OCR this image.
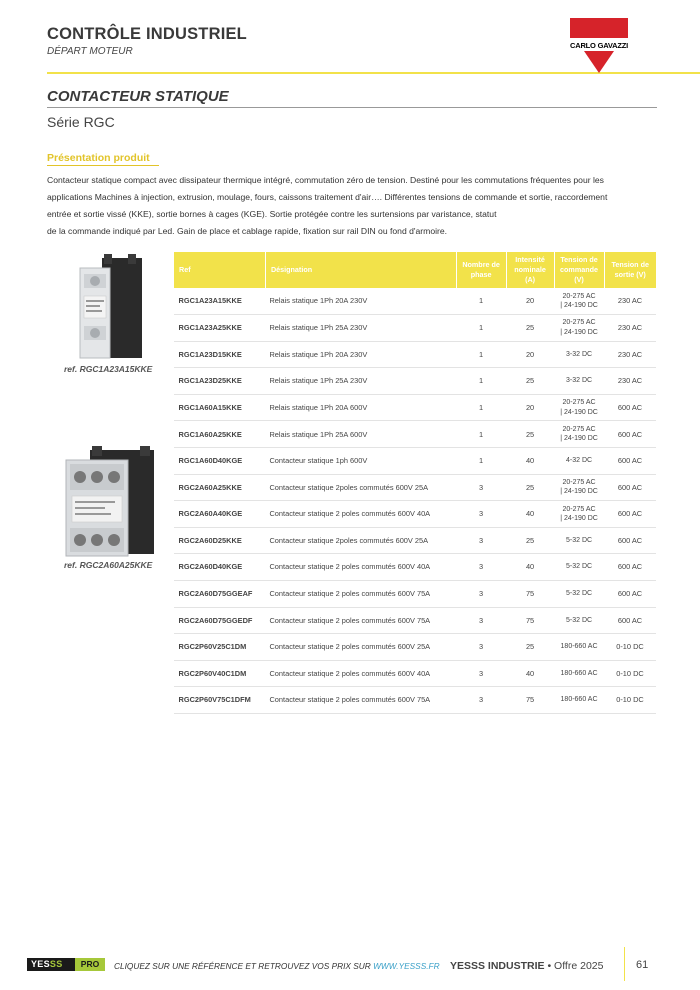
CONTRÔLE INDUSTRIEL
DÉPART MOTEUR
CARLO GAVAZZI
CONTACTEUR STATIQUE
Série RGC
Présentation produit

Contacteur statique compact avec dissipateur thermique intégré, commutation zéro de tension. Destiné pour les commutations fréquentes pour les

applications Machines à injection, extrusion, moulage, fours, caissons traitement d'air…. Différentes tensions de commande et sortie, raccordement

entrée et sortie vissé (KKE), sortie bornes à cages (KGE). Sortie protégée contre les surtensions par varistance, statut

de la commande indiqué par Led. Gain de place et cablage rapide, fixation sur rail DIN ou fond d'armoire.

ref. RGC1A23A15KKE
ref. RGC2A60A25KKE
Ref	Désignation	Nombre de phase	Intensité nominale (A)	Tension de commande (V)	Tension de sortie (V)
RGC1A23A15KKE	Relais statique 1Ph 20A 230V	1	20	20-275 AC
| 24-190 DC	230 AC
RGC1A23A25KKE	Relais statique 1Ph 25A 230V	1	25	20-275 AC
| 24-190 DC	230 AC
RGC1A23D15KKE	Relais statique 1Ph 20A 230V	1	20	3-32 DC	230 AC
RGC1A23D25KKE	Relais statique 1Ph 25A 230V	1	25	3-32 DC	230 AC
RGC1A60A15KKE	Relais statique 1Ph 20A 600V	1	20	20-275 AC
| 24-190 DC	600 AC
RGC1A60A25KKE	Relais statique 1Ph 25A 600V	1	25	20-275 AC
| 24-190 DC	600 AC
RGC1A60D40KGE	Contacteur statique 1ph 600V	1	40	4-32 DC	600 AC
RGC2A60A25KKE	Contacteur statique 2poles commutés 600V 25A	3	25	20-275 AC
| 24-190 DC	600 AC
RGC2A60A40KGE	Contacteur statique 2 poles commutés 600V 40A	3	40	20-275 AC
| 24-190 DC	600 AC
RGC2A60D25KKE	Contacteur statique 2poles commutés 600V 25A	3	25	5-32 DC	600 AC
RGC2A60D40KGE	Contacteur statique 2 poles commutés 600V 40A	3	40	5-32 DC	600 AC
RGC2A60D75GGEAF	Contacteur statique 2 poles commutés 600V 75A	3	75	5-32 DC	600 AC
RGC2A60D75GGEDF	Contacteur statique 2 poles commutés 600V 75A	3	75	5-32 DC	600 AC
RGC2P60V25C1DM	Contacteur statique 2 poles commutés 600V 25A	3	25	180-660 AC	0-10 DC
RGC2P60V40C1DM	Contacteur statique 2 poles commutés 600V 40A	3	40	180-660 AC	0-10 DC
RGC2P60V75C1DFM	Contacteur statique 2 poles commutés 600V 75A	3	75	180-660 AC	0-10 DC
YESSS	PRO	CLIQUEZ SUR UNE RÉFÉRENCE ET RETROUVEZ VOS PRIX SUR WWW.YESSS.FR YESSS INDUSTRIE • Offre 2025	61
